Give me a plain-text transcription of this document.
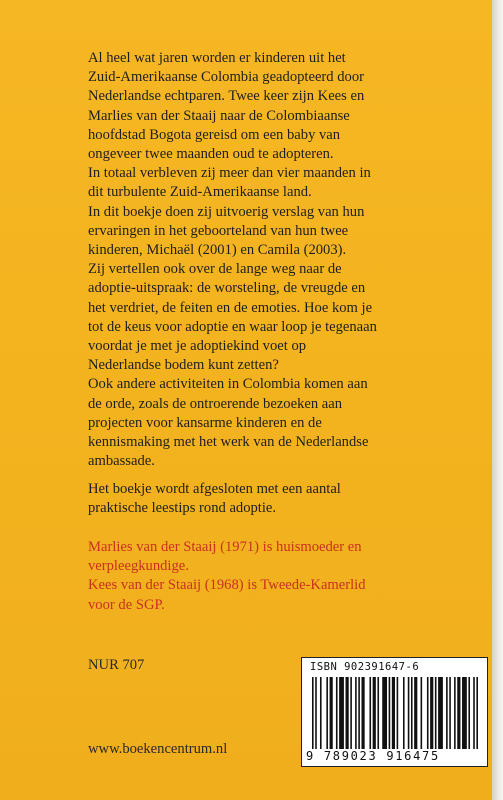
Al heel wat jaren worden er kinderen uit het

Zuid-Amerikaanse Colombia geadopteerd door

Nederlandse echtparen. Twee keer zijn Kees en

Marlies van der Staaij naar de Colombiaanse

hoofdstad Bogota gereisd om een baby van

ongeveer twee maanden oud te adopteren.

In totaal verbleven zij meer dan vier maanden in

dit turbulente Zuid-Amerikaanse land.

In dit boekje doen zij uitvoerig verslag van hun

ervaringen in het geboorteland van hun twee

kinderen, Michaël (2001) en Camila (2003).

Zij vertellen ook over de lange weg naar de

adoptie-uitspraak: de worsteling, de vreugde en

het verdriet, de feiten en de emoties. Hoe kom je

tot de keus voor adoptie en waar loop je tegenaan

voordat je met je adoptiekind voet op

Nederlandse bodem kunt zetten?

Ook andere activiteiten in Colombia komen aan

de orde, zoals de ontroerende bezoeken aan

projecten voor kansarme kinderen en de

kennismaking met het werk van de Nederlandse

ambassade.

Het boekje wordt afgesloten met een aantal

praktische leestips rond adoptie.

Marlies van der Staaij (1971) is huismoeder en

verpleegkundige.

Kees van der Staaij (1968) is Tweede-Kamerlid

voor de SGP.

NUR 707
www.boekencentrum.nl
ISBN 902391647-6
9 789023 916475
